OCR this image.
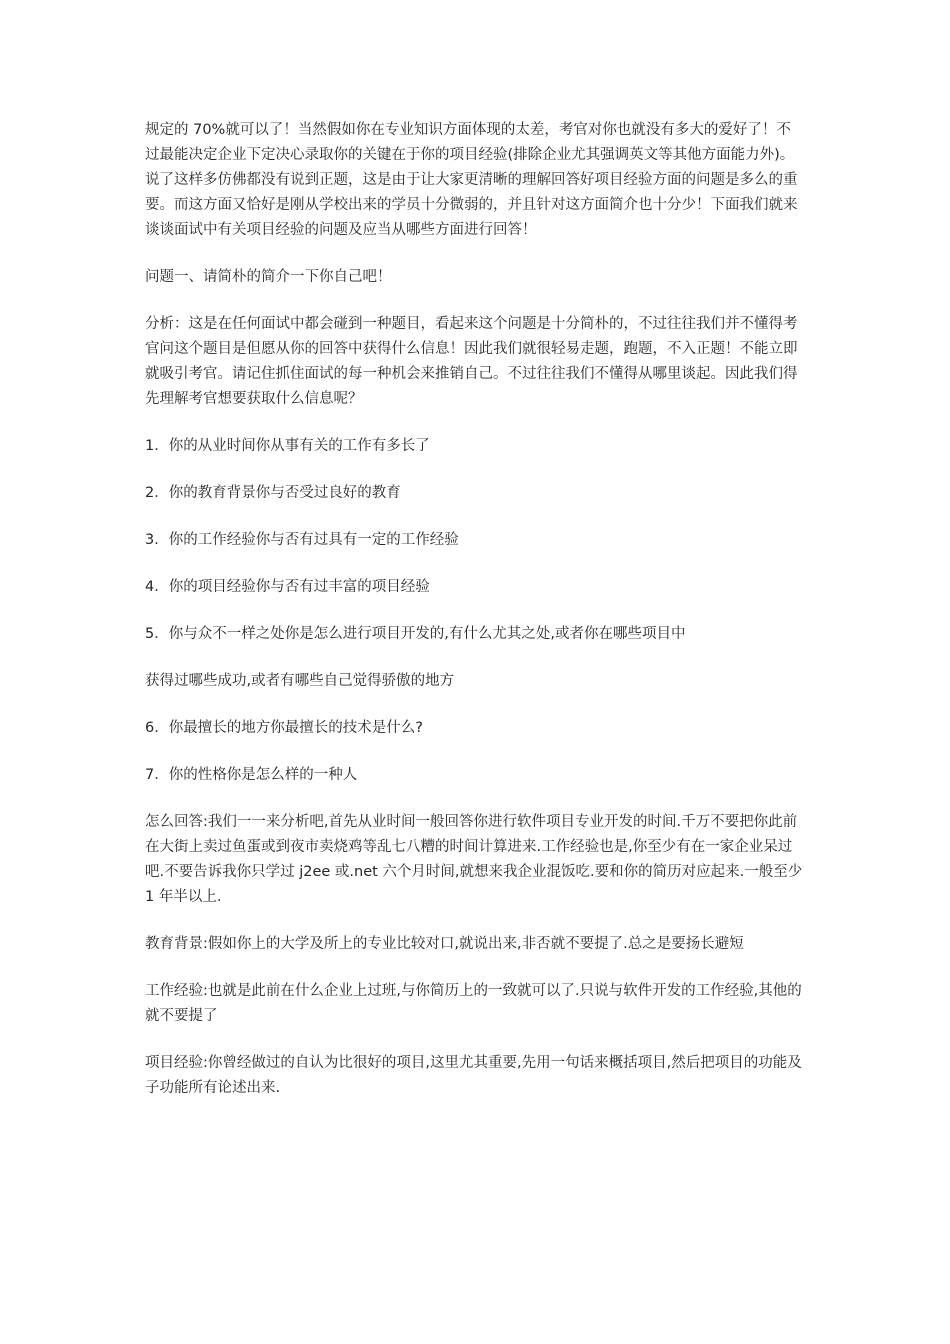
规定的 70%就可以了！当然假如你在专业知识方面体现的太差，考官对你也就没有多大的爱好了！不过最能决定企业下定决心录取你的关键在于你的项目经验(排除企业尤其强调英文等其他方面能力外)。说了这样多仿佛都没有说到正题，这是由于让大家更清晰的理解回答好项目经验方面的问题是多么的重要。而这方面又恰好是刚从学校出来的学员十分微弱的，并且针对这方面简介也十分少！下面我们就来谈谈面试中有关项目经验的问题及应当从哪些方面进行回答！

问题一、请简朴的简介一下你自己吧！

分析：这是在任何面试中都会碰到一种题目，看起来这个问题是十分简朴的，不过往往我们并不懂得考官问这个题目是但愿从你的回答中获得什么信息！因此我们就很轻易走题，跑题，不入正题！不能立即就吸引考官。请记住抓住面试的每一种机会来推销自己。不过往往我们不懂得从哪里谈起。因此我们得先理解考官想要获取什么信息呢？

1．你的从业时间你从事有关的工作有多长了

2．你的教育背景你与否受过良好的教育

3．你的工作经验你与否有过具有一定的工作经验

4．你的项目经验你与否有过丰富的项目经验

5．你与众不一样之处你是怎么进行项目开发的,有什么尤其之处,或者你在哪些项目中

获得过哪些成功,或者有哪些自己觉得骄傲的地方

6．你最擅长的地方你最擅长的技术是什么?

7．你的性格你是怎么样的一种人

怎么回答:我们一一来分析吧,首先从业时间一般回答你进行软件项目专业开发的时间.千万不要把你此前在大街上卖过鱼蛋或到夜市卖烧鸡等乱七八糟的时间计算进来.工作经验也是,你至少有在一家企业呆过吧.不要告诉我你只学过 j2ee 或.net 六个月时间,就想来我企业混饭吃.要和你的简历对应起来.一般至少 1 年半以上.

教育背景:假如你上的大学及所上的专业比较对口,就说出来,非否就不要提了.总之是要扬长避短

工作经验:也就是此前在什么企业上过班,与你简历上的一致就可以了.只说与软件开发的工作经验,其他的就不要提了

项目经验:你曾经做过的自认为比很好的项目,这里尤其重要,先用一句话来概括项目,然后把项目的功能及子功能所有论述出来.
